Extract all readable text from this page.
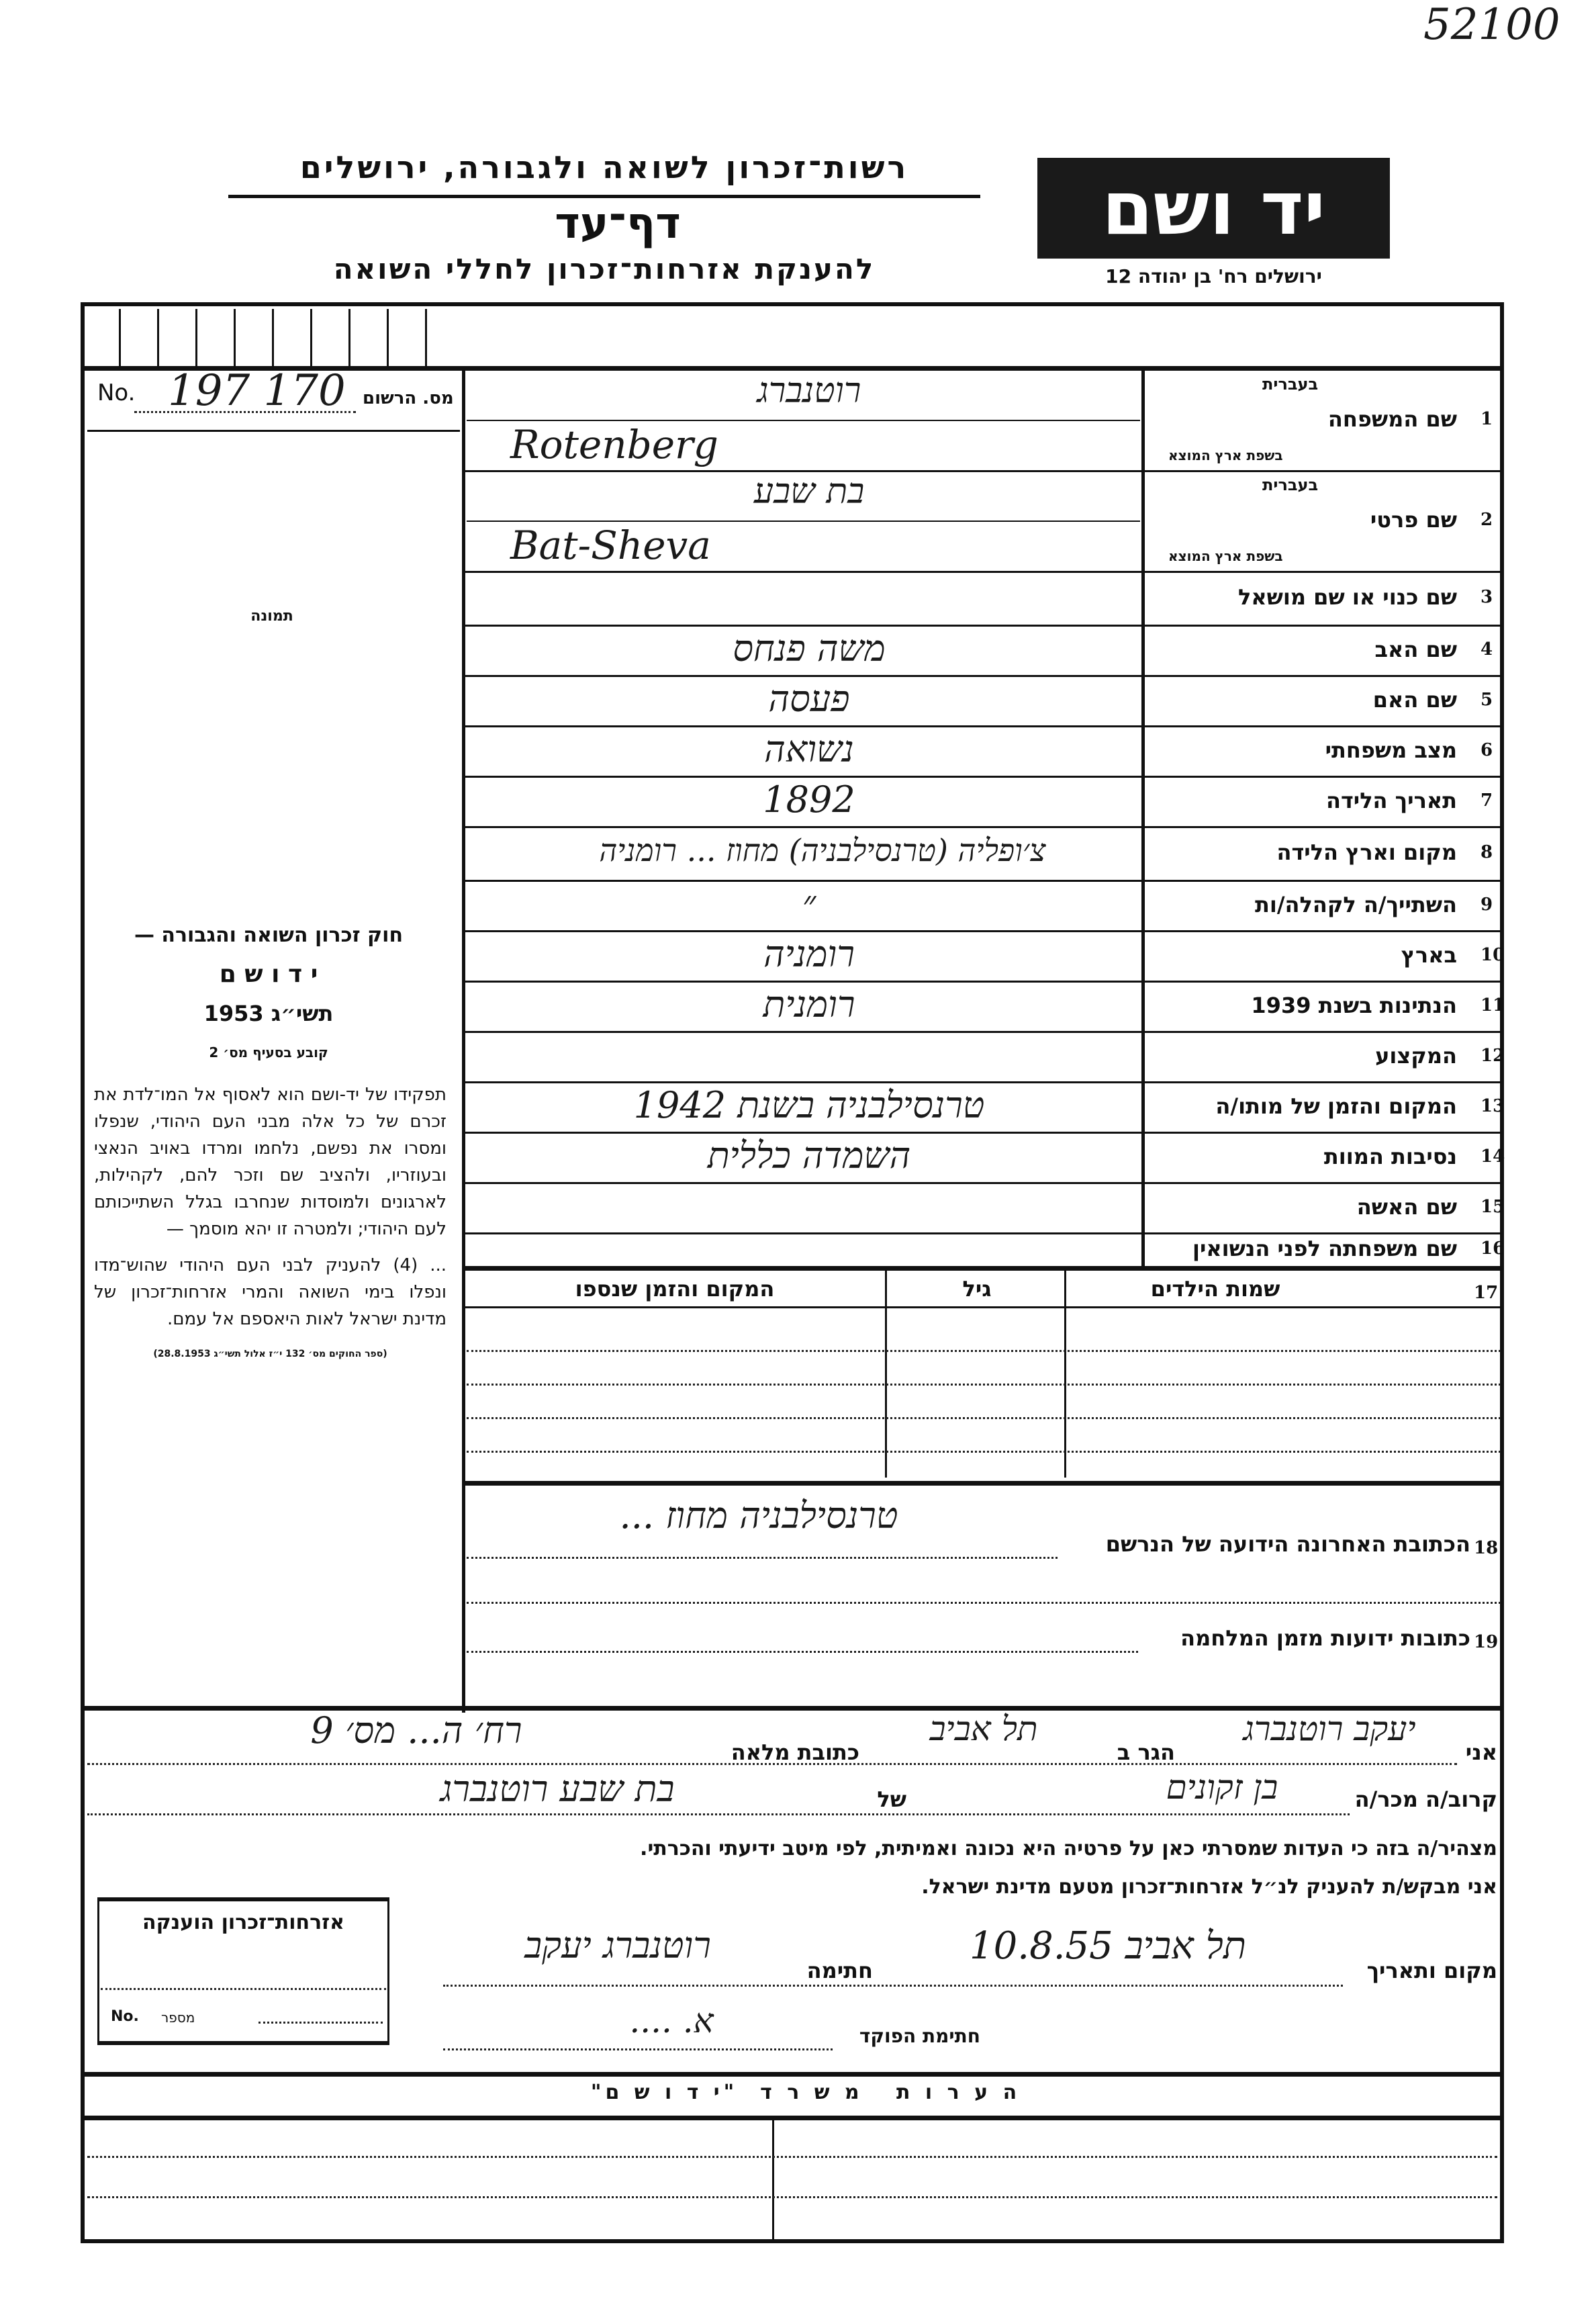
52100
רשות־זכרון לשואה ולגבורה, ירושלים
דף־עד
להענקת אזרחות־זכרון לחללי השואה
יד ושם
ירושלים רח' בן יהודה 12
No. 197 170 מס. הרשום
תמונה
חוק זכרון השואה והגבורה —
י ד ו ש ם
תשי״ג 1953
קובע בסעיף מס׳ 2
תפקידו של יד-ושם הוא לאסוף אל המו־לדת את זכרם של כל אלה מבני העם היהודי, שנפלו ומסרו את נפשם, נלחמו ומרדו באויב הנאצי ובעוזריו, ולהציב שם וזכר להם, לקהילות, לארגונים ולמוסדות שנחרבו בגלל השתייכותם לעם היהודי; ולמטרה זו יהא מוסמך —
... (4) להעניק לבני העם היהודי שהוש־מדו ונפלו בימי השואה והמרי אזרחות־זכרון של מדינת ישראל לאות היאספם אל עמם.
(ספר החוקים מס׳ 132 י״ז אלול תשי״ג 28.8.1953)
17
שמות הילדים
גיל
המקום והזמן שנספו
18
הכתובת האחרונה הידועה של הנרשם
טרנסילבניה מחוז ...
19
כתובות ידועות מזמן המלחמה
אני
יעקב רוטנברג
הגר ב
תל אביב
כתובת מלאה
רח׳ ה... מס׳ 9
קרוב/ה מכר/ה
בן זקונים
של
בת שבע רוטנברג
מצהיר/ה בזה כי העדות שמסרתי כאן על פרטיה היא נכונה ואמיתית, לפי מיטב ידיעתי והכרתי.
אני מבקש/ת להעניק לנ״ל אזרחות־זכרון מטעם מדינת ישראל.
מקום ותאריך
תל אביב 10.8.55
חתימה
רוטנברג יעקב
חתימת הפוקד
א. ....
אזרחות־זכרון הוענקה
No. מספר
ה ע ר ו ת   מ ש ר ד  "י ד ו ש ם"
1
שם המשפחה
בעברית
בשפת ארץ המוצא
רוטנברג
Rotenberg
2
שם פרטי
בעברית
בשפת ארץ המוצא
בת שבע
Bat-Sheva
3
שם כנוי או שם מושאל
4
שם האב
משה פנחס
5
שם האם
פעסה
6
מצב משפחתי
נשואה
7
תאריך הלידה
1892
8
מקום וארץ הלידה
צ׳ופליה (טרנסילבניה) מחוז ... רומניה
9
השתייך/ה לקהלה/ות
״
10
בארץ
רומניה
11
הנתינות בשנת 1939
רומנית
12
המקצוע
13
המקום והזמן של מותו/ה
טרנסילבניה בשנת 1942
14
נסיבות המוות
השמדה כללית
15
שם האשה
16
שם משפחתה לפני הנשואין
